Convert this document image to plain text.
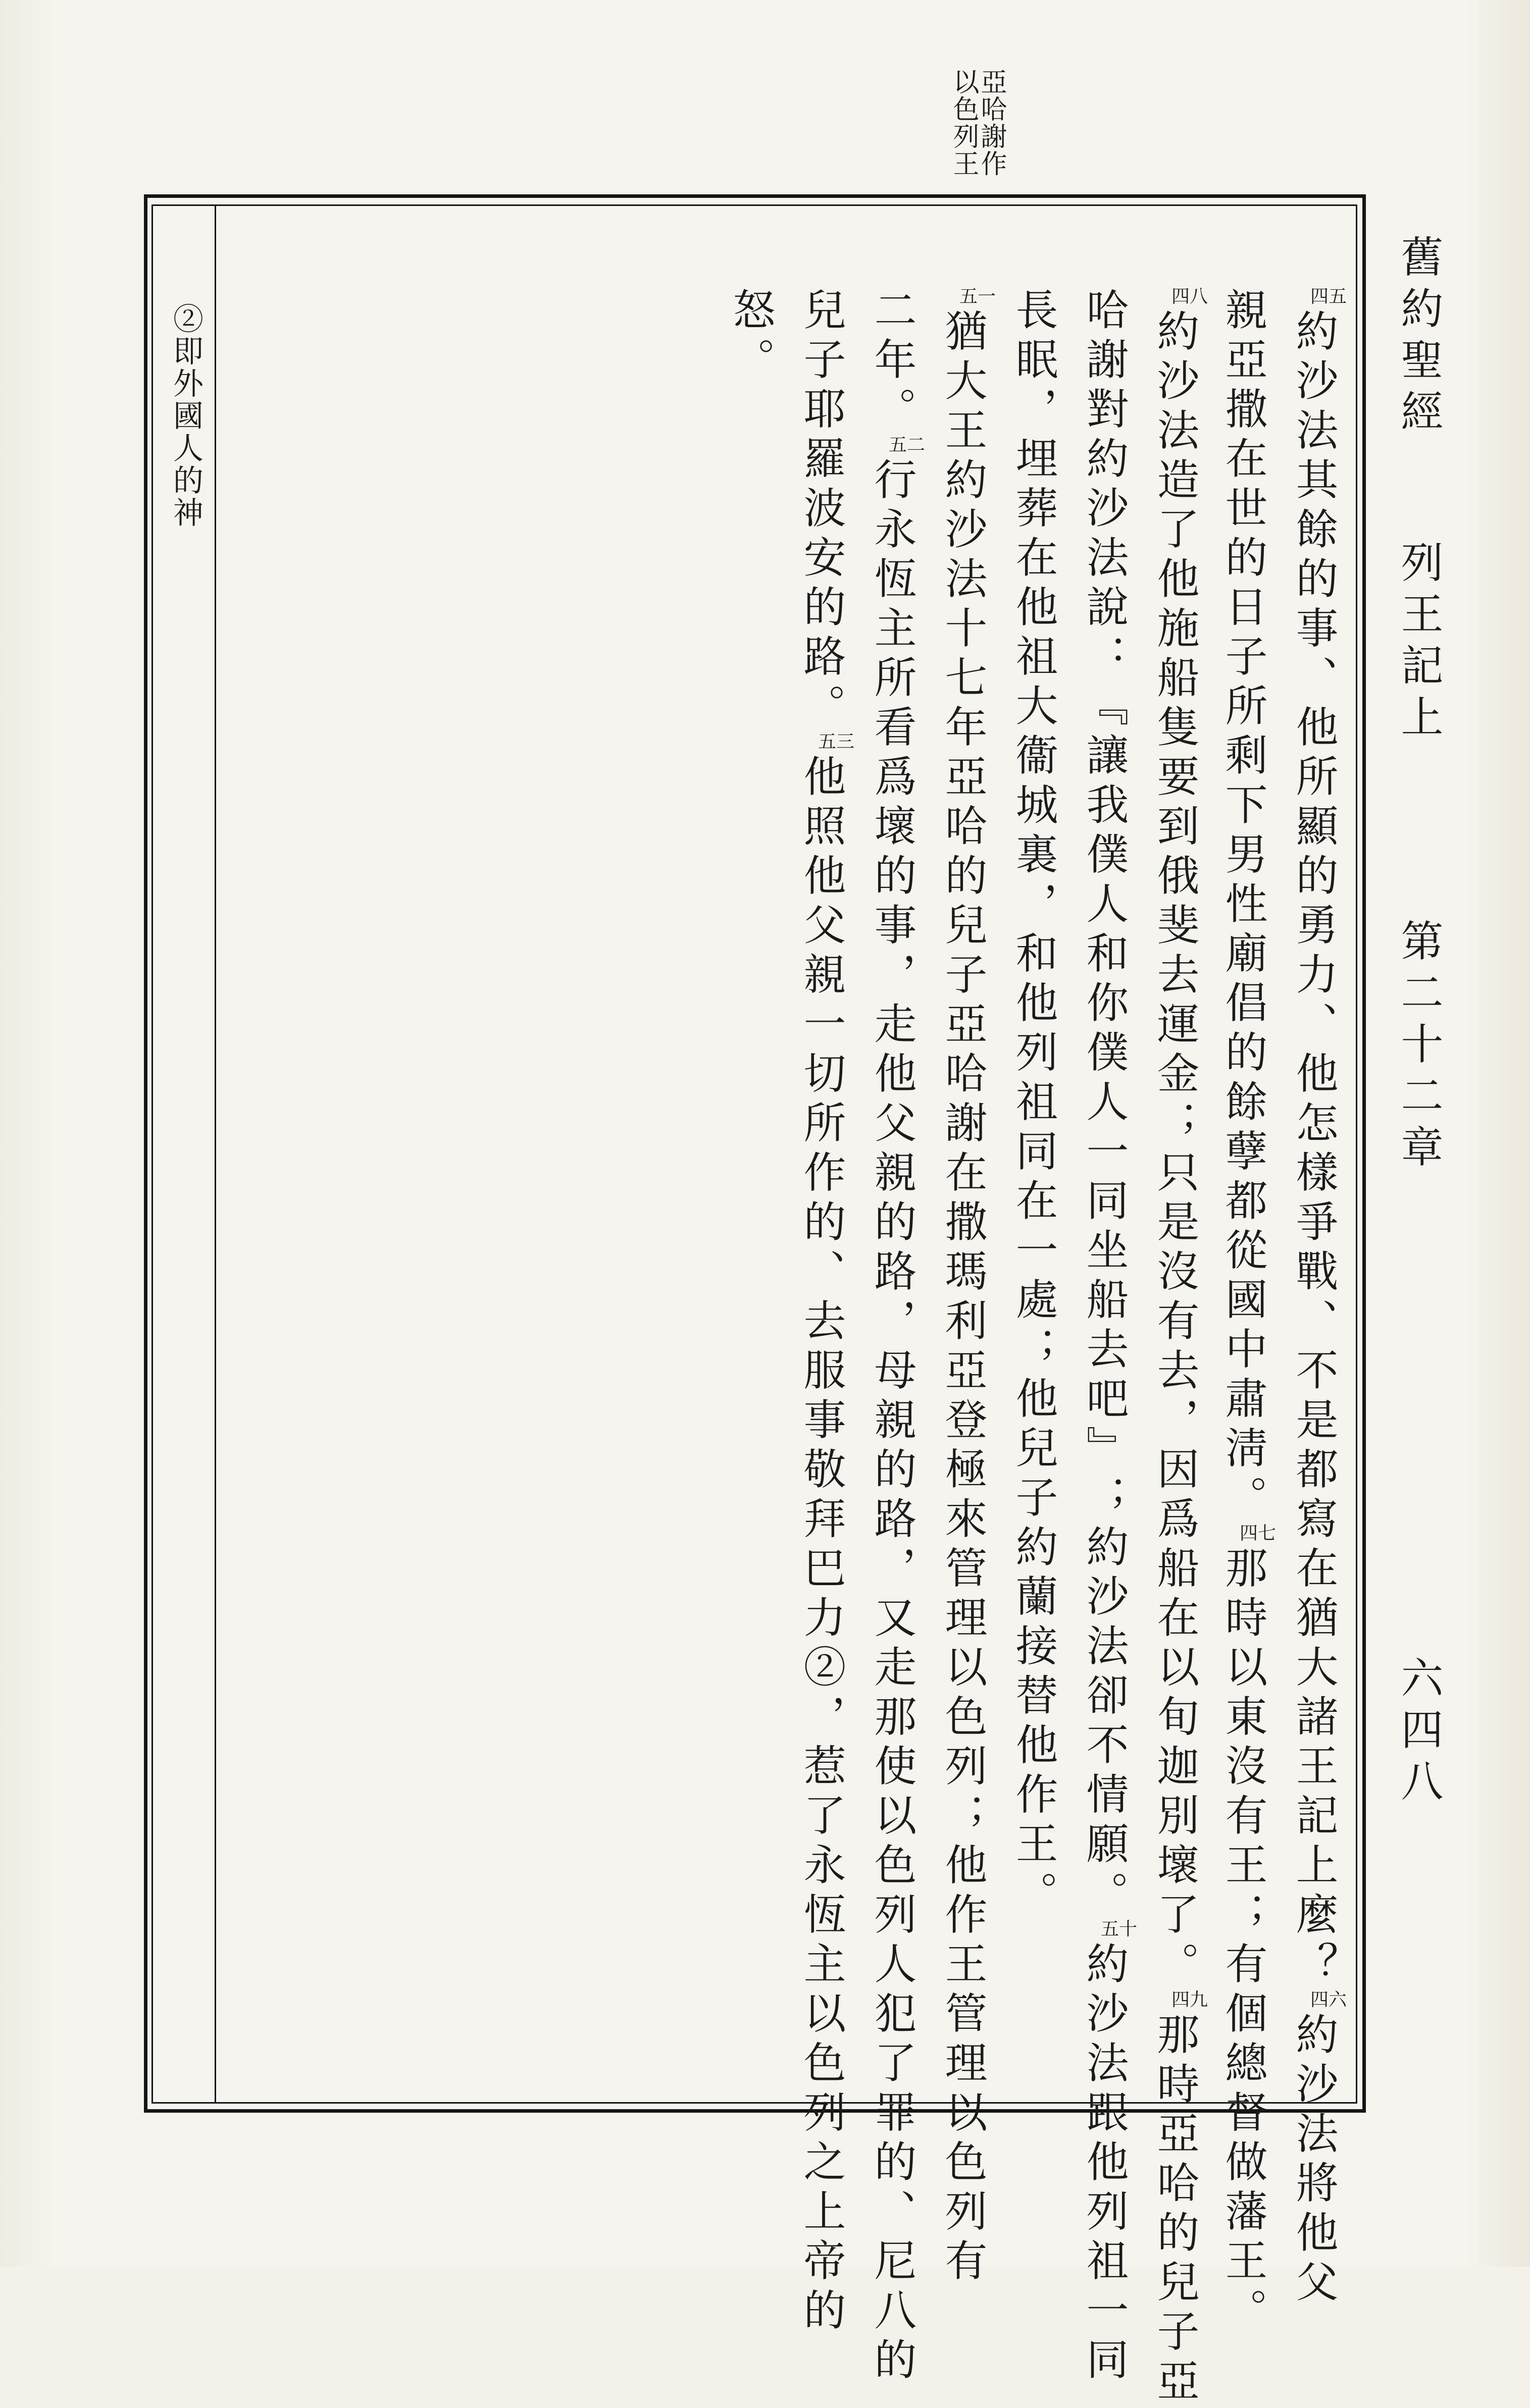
舊約聖經
列王記上
第二十二章
六四八
亞哈謝作
以色列王
四五約沙法其餘的事、他所顯的勇力、他怎樣爭戰、不是都寫在猶大諸王記上麼？四六約沙法將他父
親亞撒在世的日子所剩下男性廟倡的餘孽都從國中肅淸。四七那時以東沒有王；有個總督做藩王。
四八約沙法造了他施船隻要到俄斐去運金；只是沒有去，因爲船在以旬迦別壞了。四九那時亞哈的兒子亞
哈謝對約沙法說：『讓我僕人和你僕人一同坐船去吧』；約沙法卻不情願。五十約沙法跟他列祖一同
長眠，埋葬在他祖大衞城裏，和他列祖同在一處；他兒子約蘭接替他作王。
五一猶大王約沙法十七年亞哈的兒子亞哈謝在撒瑪利亞登極來管理以色列；他作王管理以色列有
二年。五二行永恆主所看爲壞的事，走他父親的路，母親的路，又走那使以色列人犯了罪的、尼八的
兒子耶羅波安的路。五三他照他父親一切所作的、去服事敬拜巴力②，惹了永恆主以色列之上帝的
怒。
②即外國人的神
